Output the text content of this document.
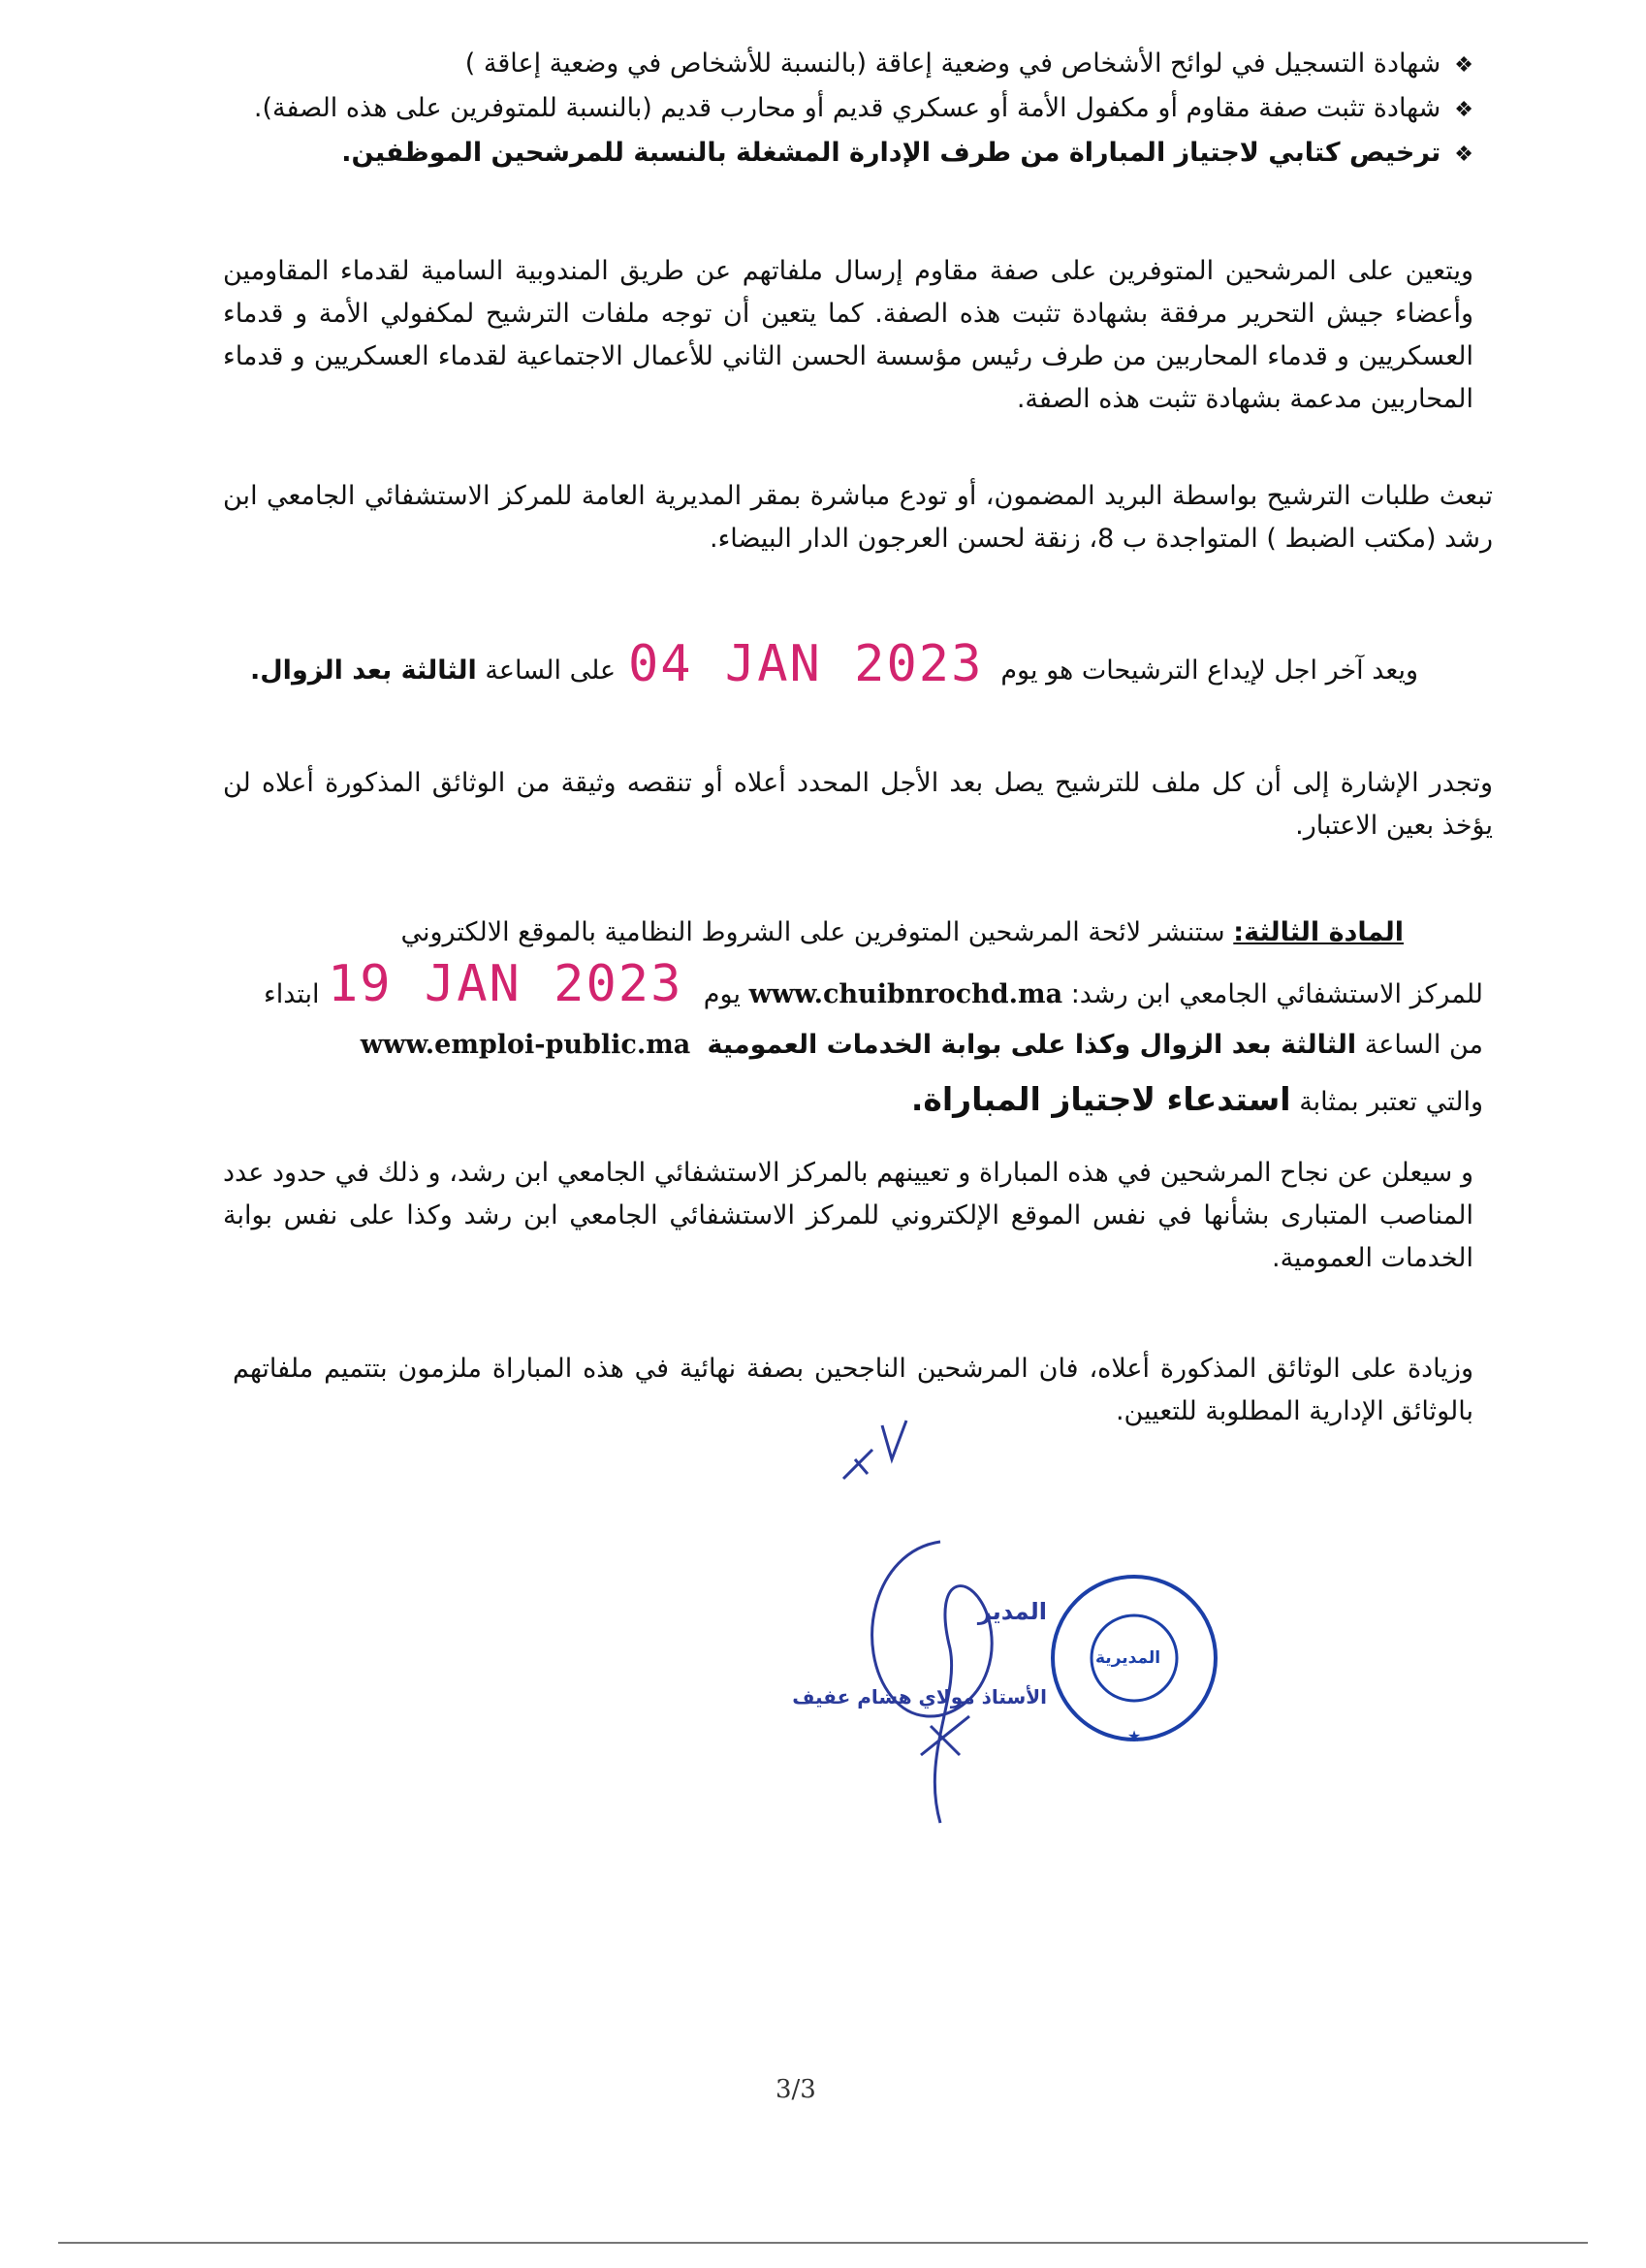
❖ شهادة التسجيل في لوائح الأشخاص في وضعية إعاقة (بالنسبة للأشخاص في وضعية إعاقة )
❖ شهادة تثبت صفة مقاوم أو مكفول الأمة أو عسكري قديم أو محارب قديم (بالنسبة للمتوفرين على هذه الصفة).
❖ ترخيص كتابي لاجتياز المباراة من طرف الإدارة المشغلة بالنسبة للمرشحين الموظفين.
ويتعين على المرشحين المتوفرين على صفة مقاوم إرسال ملفاتهم عن طريق المندوبية السامية لقدماء المقاومين وأعضاء جيش التحرير مرفقة بشهادة تثبت هذه الصفة. كما يتعين أن توجه ملفات الترشيح لمكفولي الأمة و قدماء العسكريين و قدماء المحاربين من طرف رئيس مؤسسة الحسن الثاني للأعمال الاجتماعية لقدماء العسكريين و قدماء المحاربين مدعمة بشهادة تثبت هذه الصفة.
تبعث طلبات الترشيح بواسطة البريد المضمون، أو تودع مباشرة بمقر المديرية العامة للمركز الاستشفائي الجامعي ابن رشد (مكتب الضبط ) المتواجدة ب 8، زنقة لحسن العرجون الدار البيضاء.
ويعد آخر اجل لإيداع الترشيحات هو يوم
04 JAN 2023
على الساعة الثالثة بعد الزوال.
وتجدر الإشارة إلى أن كل ملف للترشيح يصل بعد الأجل المحدد أعلاه أو تنقصه وثيقة من الوثائق المذكورة أعلاه لن يؤخذ بعين الاعتبار.
المادة الثالثة: ستنشر لائحة المرشحين المتوفرين على الشروط النظامية بالموقع الالكتروني
للمركز الاستشفائي الجامعي ابن رشد: www.chuibnrochd.ma يوم
19 JAN 2023
ابتداء
من الساعة الثالثة بعد الزوال وكذا على بوابة الخدمات العمومية  www.emploi-public.ma
والتي تعتبر بمثابة استدعاء لاجتياز المباراة.
و سيعلن عن نجاح المرشحين في هذه المباراة و تعيينهم بالمركز الاستشفائي الجامعي ابن رشد، و ذلك في حدود عدد المناصب المتبارى بشأنها في نفس الموقع الإلكتروني للمركز الاستشفائي الجامعي ابن رشد وكذا على نفس بوابة الخدمات العمومية.
وزيادة على الوثائق المذكورة أعلاه، فان المرشحين الناجحين بصفة نهائية في هذه المباراة ملزمون بتتميم ملفاتهم بالوثائق الإدارية المطلوبة للتعيين.
المدير
الأستاذ مولاي هشام عفيف
★
المديرية
3/3
